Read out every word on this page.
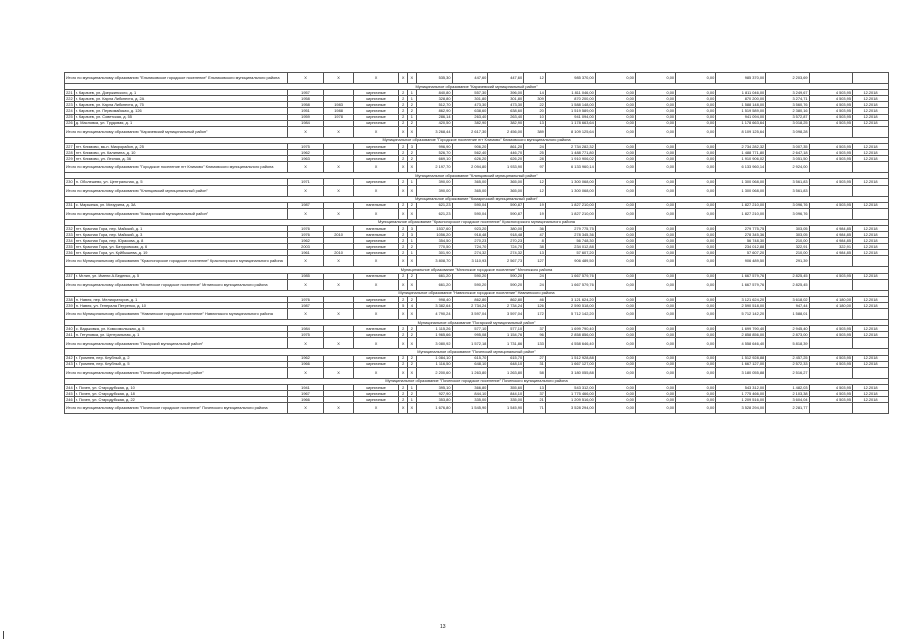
Итого по муниципальному образованию "Ельниковское городское поселение" Ельниковского муниципального района		X	X	X	X	X	535,30	447,60	447,60	12	985 370,00	0,00	0,00	0,00	985 370,00	2 203,69		
Муниципальное образование "Карачевский муниципальный район"																		
221	г. Карачев, ул. Дзержинского, д. 1	1957		кирпичные	2	1	840,80	557,30	396,00	14	1 811 046,00	0,00	0,00	0,00	1 811 046,00	3 249,67	4 503,95	12.2018
222	г. Карачев, ул. Карла Либкнехта, д. 2А	1958		кирпичные	2	1	328,80	301,80	301,80	309	870 200,00	0,00	0,00	0,00	870 200,00	3 274,71	4 503,95	12.2018
223	г. Карачев, ул. Карла Либкнехта, д. 75	1958	1983	кирпичные	2	2	512,70	473,30	473,30	22	1 588 148,00	0,00	0,00	0,00	1 588 148,00	3 560,76	4 503,95	12.2018
224	г. Карачев, ул. Первомайская, д. 126	1951	1988	кирпичные	2	2	862,90	638,60	638,60	20	1 519 589,00	0,00	0,00	0,00	1 519 589,00	2 380,16	4 503,95	12.2018
225	г. Карачев, ул. Советская, д. 55	1959	1978	кирпичные	2	1	286,14	263,40	263,40	10	941 094,00	0,00	0,00	0,00	941 094,00	3 572,87	4 503,95	12.2018
226	д. Масловка, ул. Трудовая, д. 1	1984		кирпичные	2	2	420,50	382,90	382,90	13	1 178 663,64	0,00	0,00	0,00	1 178 663,64	3 018,25	4 503,95	12.2018
Итого по муниципальному образованию "Карачевский муниципальный район"		X	X	X	X	X	3 268,44	2 617,30	2 456,00	389	8 109 125,64	0,00	0,00	0,00	8 109 125,64	3 098,28		
Муниципальное образование "Городское поселение пгт Климово" Климовского муниципального района																		
227	пгт. Климово, мк-н. Микрорайон, д. 25	1975		кирпичные	2	3	996,90	906,20	861,20	24	2 734 282,32	0,00	0,00	0,00	2 734 282,32	3 007,35	4 503,95	12.2018
228	пгт. Климово, ул. Калинина, д. 10	1962		кирпичные	2	2	526,70	562,40	446,70	25	1 488 771,80	0,00	0,00	0,00	1 488 771,80	2 647,18	4 503,95	12.2018
229	пгт. Климово, ул. Лесная, д. 36	1963		кирпичные	2	2	669,10	626,20	626,20	28	1 910 906,02	0,00	0,00	0,00	1 910 906,02	3 051,50	4 503,95	12.2018
Итого по муниципальному образованию "Городское поселение пгт Климово" Климовского муниципального района		X	X	X	X	X	2 197,70	2 094,80	1 933,90	97	6 133 960,14	0,00	0,00	0,00	6 133 960,14	2 924,00		
Муниципальное образование "Клинцовский муниципальный район"																		
230	п. Оболешево, ул. Центральная, д. 5	1971		кирпичные	2	1	390,00	365,00	365,00	12	1 300 068,00	0,00	0,00	0,00	1 300 068,00	3 561,83	4 503,95	12.2018
Итого по муниципальному образованию "Клинцовский муниципальный район"		X	X	X	X	X	390,00	365,00	365,00	12	1 300 068,00	0,00	0,00	0,00	1 300 068,00	3 561,83		
Муниципальное образование "Комаричский муниципальный район"																		
231	с. Марьинка, ул. Мичурина, д. 3А	1987		панельные	2	2	621,23	590,04	590,87	19	1 827 210,00	0,00	0,00	0,00	1 827 210,00	3 096,76	4 503,95	12.2018
Итого по муниципальному образованию "Комаричский муниципальный район"		X	X	X	X	X	621,23	590,04	590,87	19	1 827 210,00	0,00	0,00	0,00	1 827 210,00	3 096,76		
Муниципальное образование "Красногорское городское поселение" Красногорского муниципального района																		
232	пгт. Красная Гора, пер. Майский, д. 1	1976		панельные	2	3	1537,60	923,20	380,00	36	279 775,75	0,00	0,00	0,00	279 775,75	303,05	4 984,85	12.2018
233	пгт. Красная Гора, пер. Майский, д. 3	1976	2010	панельные	2	3	1056,20	918,48	918,48	47	278 345,36	0,00	0,00	0,00	278 345,36	303,05	4 984,85	12.2018
234	пгт. Красная Гора, пер. Юрасова, д. 8	1962		кирпичные	2	1	354,50	270,23	270,23	8	56 748,30	0,00	0,00	0,00	56 748,30	210,00	4 984,85	12.2018
235	пгт. Красная Гора, ул. Батуровская, д. 6	2003		кирпичные	2	2	770,50	724,70	724,70	38	234 012,88	0,00	0,00	0,00	234 012,88	322,91	322,91	12.2018
236	пгт. Красная Гора, ул. Куйбышева, д. 19	1961	2010	кирпичные	2	1	301,90	274,32	274,32	13	57 607,20	0,00	0,00	0,00	57 607,20	210,00	4 984,85	12.2018
Итого по Муниципальному образованию "Красногорское городское поселение" Красногорского муниципального района		X	X	X	X	X	3 808,70	3 110,93	2 567,73	127	906 489,50	0,00	0,00	0,00	906 489,50	291,39		
Муниципальное образование "Мглинское городское поселение" Мглинского района																		
237	г. Мглин, ул. Имени А.Беденко, д. 5	1985		панельные	2	2	661,20	590,20	590,20	24	1 667 579,76	0,00	0,00	0,00	1 667 579,76	2 825,45	4 503,95	12.2018
Итого по муниципальному образованию "Мглинское городское поселение" Мглинского муниципального района		X	X	X	X	X	661,20	590,20	590,20	24	1 667 579,76	0,00	0,00	0,00	1 667 579,76	2 825,45		
Муниципальное образование "Навлинское городское поселение" Навлинского района																		
238	п. Навля, пер. Мелиораторов, д. 1	1976		кирпичные	2	2	998,40	862,80	862,80	46	3 121 624,20	0,00	0,00	0,00	3 121 624,20	3 618,02	4 180,00	12.2018
239	п. Навля, ул. Генерала Петренко, д. 10	1987		кирпичные	5	4	3 382,64	2 734,24	2 734,24	126	2 590 518,00	0,00	0,00	0,00	2 590 518,00	947,44	4 180,00	12.2018
Итого по Муниципальному образованию "Навлинское городское поселение" Навлинского муниципального района		X	X	X	X	X	4 790,24	3 597,04	3 597,04	172	5 712 142,20	0,00	0,00	0,00	5 712 142,20	1 588,01		
Муниципальное образование "Погарский муниципальный район"																		
240	с. Вадьковка, ул. Комсомольская, д. 5	1984		панельные	2	2	1 115,26	577,10	577,10	37	1 699 790,40	0,00	0,00	0,00	1 699 790,40	2 945,40	4 503,95	12.2018
241	п. Гетуновка, ул. Центральная, д. 1	1975		кирпичные	2	2	1 965,66	995,08	1 154,76	96	2 858 856,00	0,00	0,00	0,00	2 858 856,00	2 873,00	4 503,95	12.2018
Итого по муниципальному образованию "Погарский муниципальный район"		X	X	X	X	X	3 080,92	1 572,18	1 731,86	133	4 558 646,40	0,00	0,00	0,00	4 558 646,40	5 818,39		
Муниципальное образование "Почепский муниципальный район"																		
242	г. Громнев, пер. Клубный, д. 2	1962		кирпичные	2	2	1 084,10	615,70	615,70	27	1 512 928,88	0,00	0,00	0,00	1 512 928,88	2 457,25	4 503,95	12.2018
243	г. Громнев, пер. Клубный, д. 5	1966		кирпичные	2	2	1 116,50	648,10	648,10	31	1 667 127,00	0,00	0,00	0,00	1 667 127,00	2 572,33	4 503,95	12.2018
Итого по муниципальному образованию "Почепский муниципальный район"		X	X	X	X	X	2 200,60	1 263,80	1 263,80	58	3 180 055,88	0,00	0,00	0,00	3 180 055,88	2 516,27		
Муниципальное образование "Почепское городское поселение" Почепского муниципального района																		
244	г. Почеп, ул. Стародубская, д. 10	1941		кирпичные	2	1	395,10	366,80	355,60	13	543 312,00	0,00	0,00	0,00	543 312,00	1 482,03	4 503,95	12.2018
245	г. Почеп, ул. Стародубская, д. 18	1967		кирпичные	2	2	927,90	844,10	844,10	37	1 775 466,00	0,00	0,00	0,00	1 775 466,00	2 103,38	4 503,95	12.2018
246	г. Почеп, ул. Стародубская, д. 22	1966		кирпичные	2	1	353,80	335,00	335,00	21	1 209 516,00	0,00	0,00	0,00	1 209 516,00	3 604,04	4 503,95	12.2018
Итого по муниципальному образованию "Почепское городское поселение" Почепского муниципального района		X	X	X	X	X	1 676,80	1 545,90	1 545,90	71	3 528 294,00	0,00	0,00	0,00	3 528 294,00	2 281,77		
13
